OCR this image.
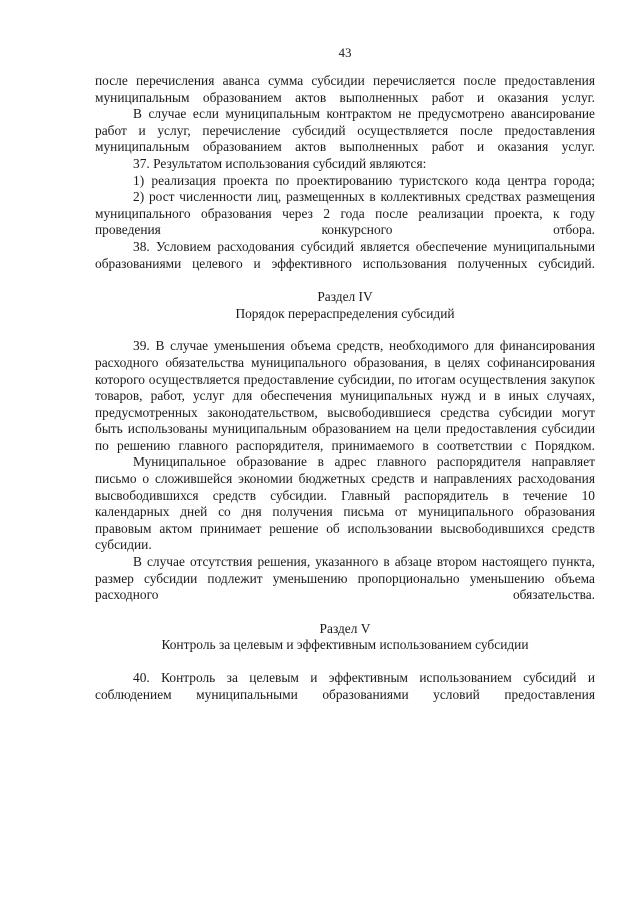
43

после перечисления аванса сумма субсидии перечисляется после предоставления муниципальным образованием актов выполненных работ и оказания услуг.

В случае если муниципальным контрактом не предусмотрено авансирование работ и услуг, перечисление субсидий осуществляется после предоставления муниципальным образованием актов выполненных работ и оказания услуг.

37. Результатом использования субсидий являются:

1) реализация проекта по проектированию туристского кода центра города;

2) рост численности лиц, размещенных в коллективных средствах размещения муниципального образования через 2 года после реализации проекта, к году проведения конкурсного отбора.

38. Условием расходования субсидий является обеспечение муниципальными образованиями целевого и эффективного использования полученных субсидий.

Раздел IV

Порядок перераспределения субсидий

39. В случае уменьшения объема средств, необходимого для финансирования расходного обязательства муниципального образования, в целях софинансирования которого осуществляется предоставление субсидии, по итогам осуществления закупок товаров, работ, услуг для обеспечения муниципальных нужд и в иных случаях, предусмотренных законодательством, высвободившиеся средства субсидии могут быть использованы муниципальным образованием на цели предоставления субсидии по решению главного распорядителя, принимаемого в соответствии с Порядком.

Муниципальное образование в адрес главного распорядителя направляет письмо о сложившейся экономии бюджетных средств и направлениях расходования высвободившихся средств субсидии. Главный распорядитель в течение 10 календарных дней со дня получения письма от муниципального образования правовым актом принимает решение об использовании высвободившихся средств субсидии.

В случае отсутствия решения, указанного в абзаце втором настоящего пункта, размер субсидии подлежит уменьшению пропорционально уменьшению объема расходного обязательства.

Раздел V

Контроль за целевым и эффективным использованием субсидии

40. Контроль за целевым и эффективным использованием субсидий и соблюдением муниципальными образованиями условий предоставления
